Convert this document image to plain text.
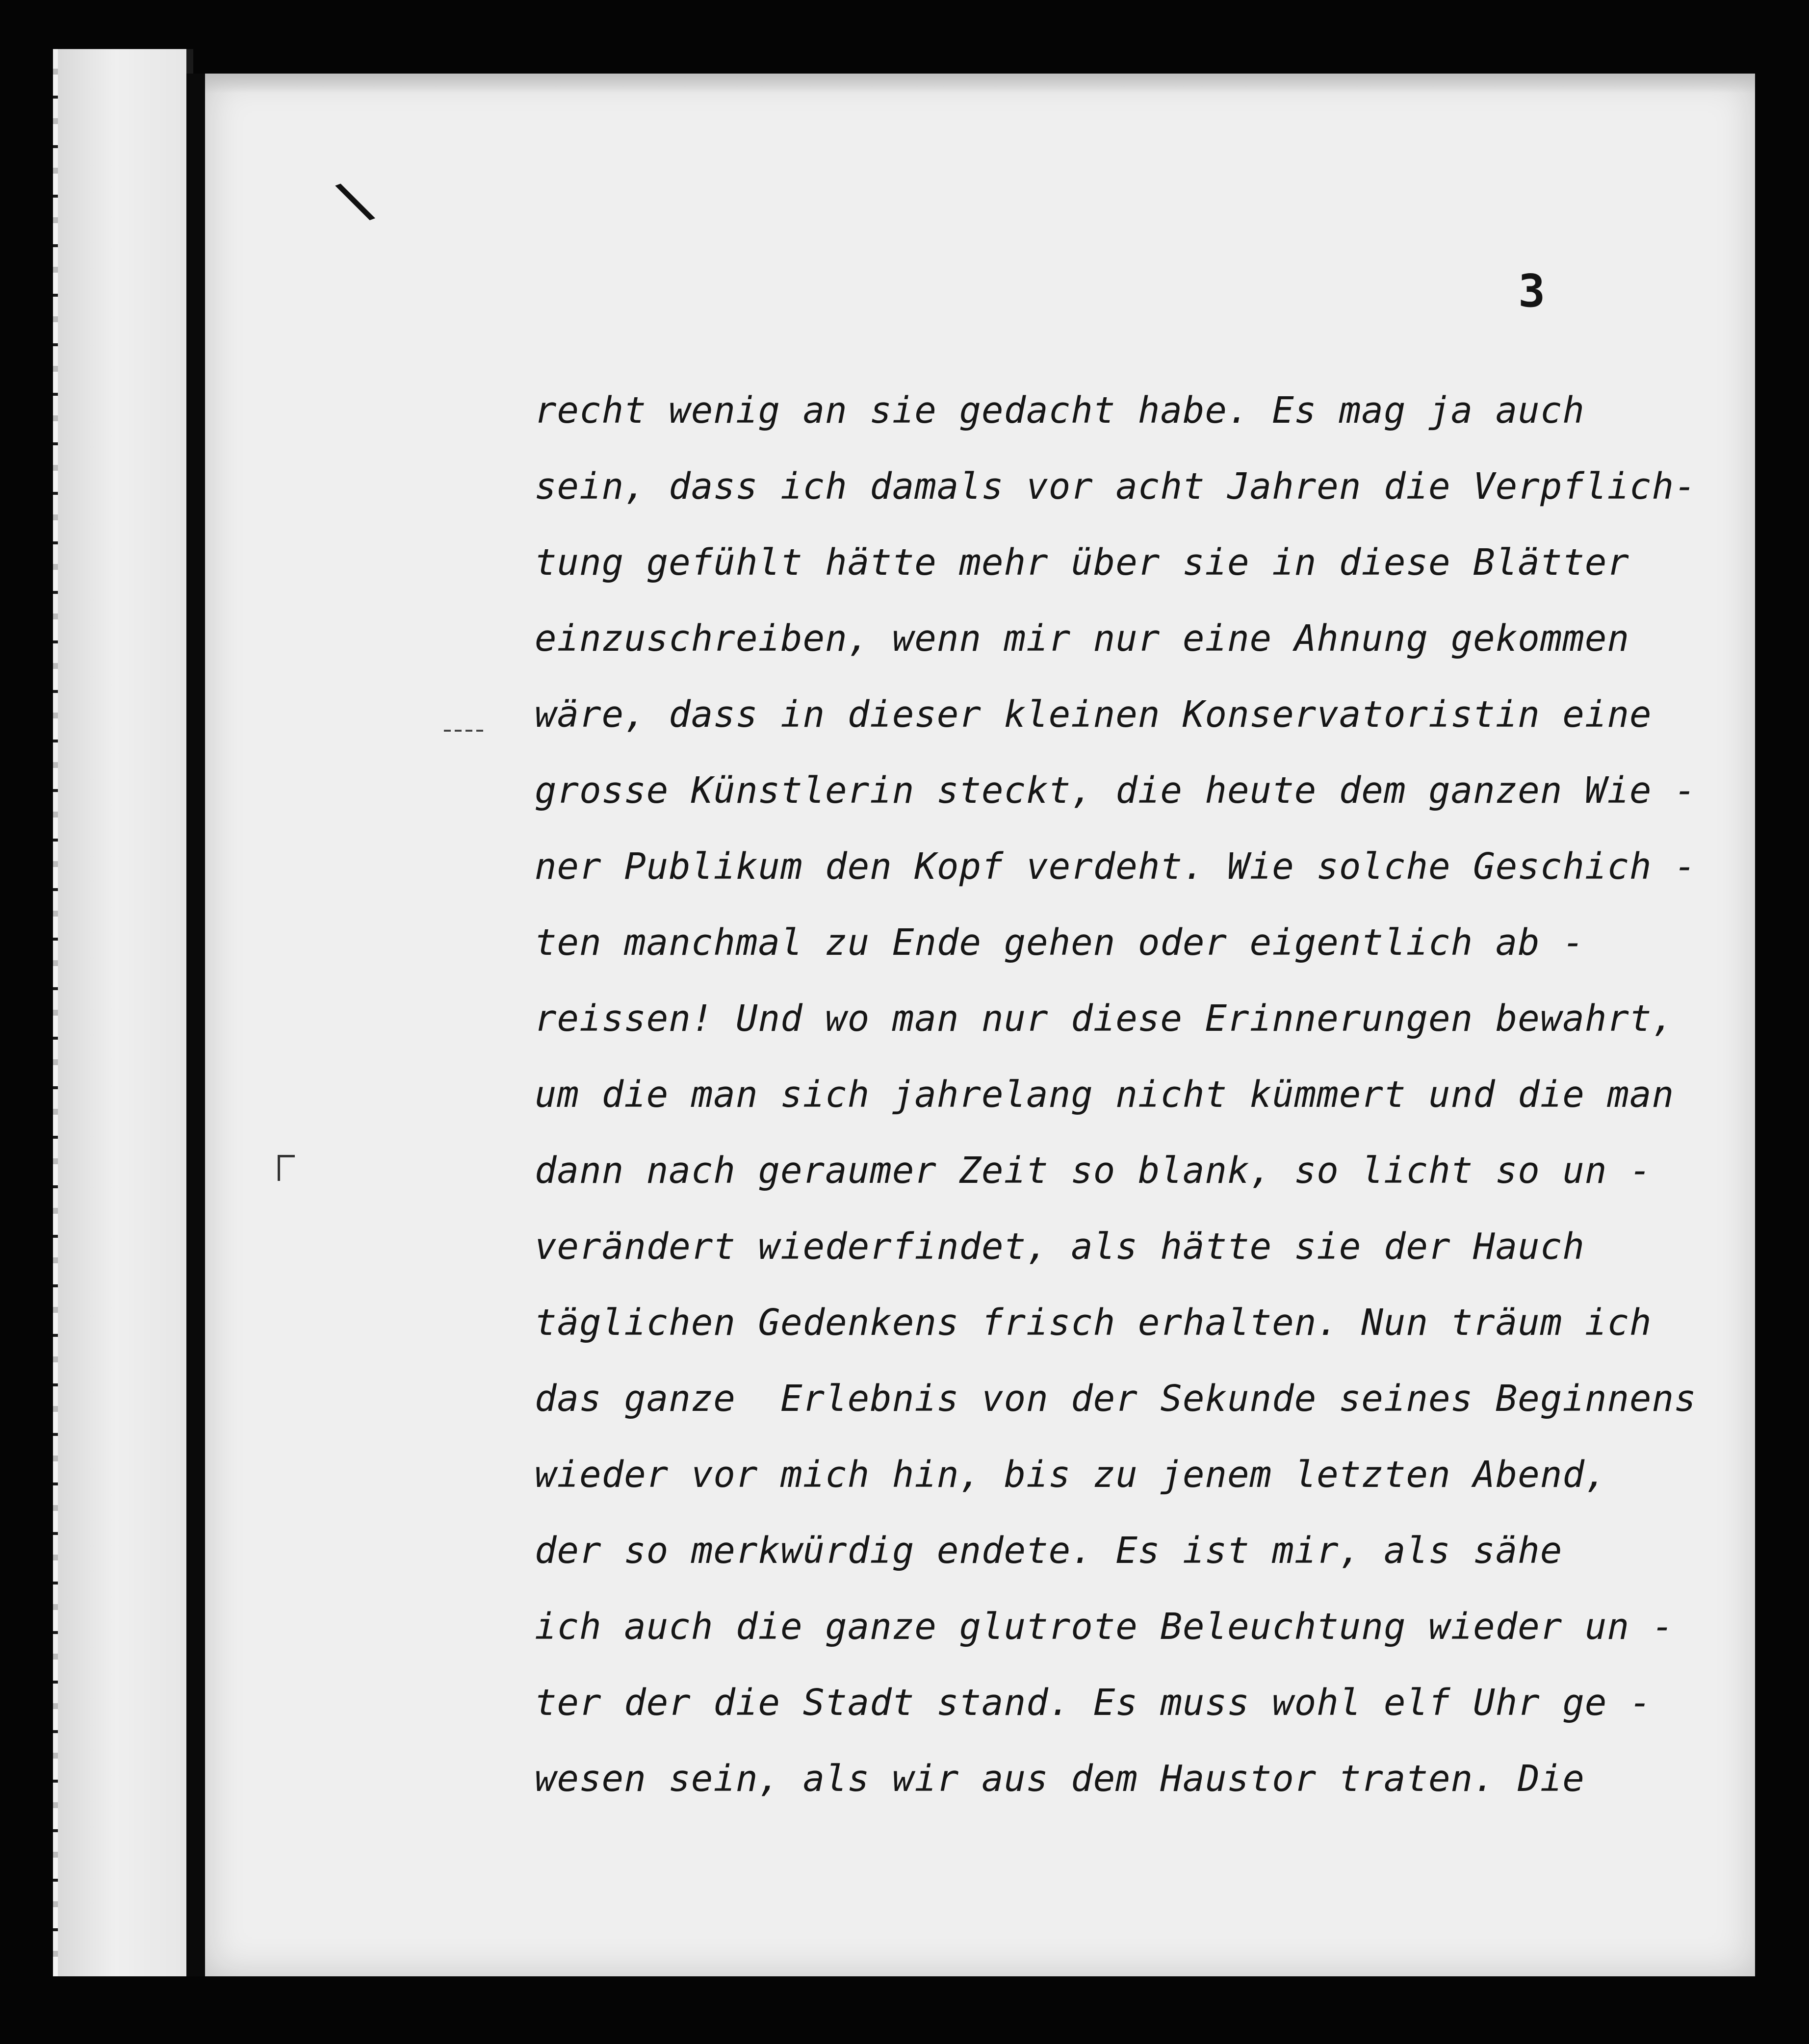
\
3
recht wenig an sie gedacht habe. Es mag ja auch
sein, dass ich damals vor acht Jahren die Verpflich-
tung gefühlt hätte mehr über sie in diese Blätter
einzuschreiben, wenn mir nur eine Ahnung gekommen
wäre, dass in dieser kleinen Konservatoristin eine
grosse Künstlerin steckt, die heute dem ganzen Wie -
ner Publikum den Kopf verdeht. Wie solche Geschich -
ten manchmal zu Ende gehen oder eigentlich ab -
reissen! Und wo man nur diese Erinnerungen bewahrt,
um die man sich jahrelang nicht kümmert und die man
dann nach geraumer Zeit so blank, so licht so un -
verändert wiederfindet, als hätte sie der Hauch
täglichen Gedenkens frisch erhalten. Nun träum ich
das ganze  Erlebnis von der Sekunde seines Beginnens
wieder vor mich hin, bis zu jenem letzten Abend,
der so merkwürdig endete. Es ist mir, als sähe
ich auch die ganze glutrote Beleuchtung wieder un -
ter der die Stadt stand. Es muss wohl elf Uhr ge -
wesen sein, als wir aus dem Haustor traten. Die
